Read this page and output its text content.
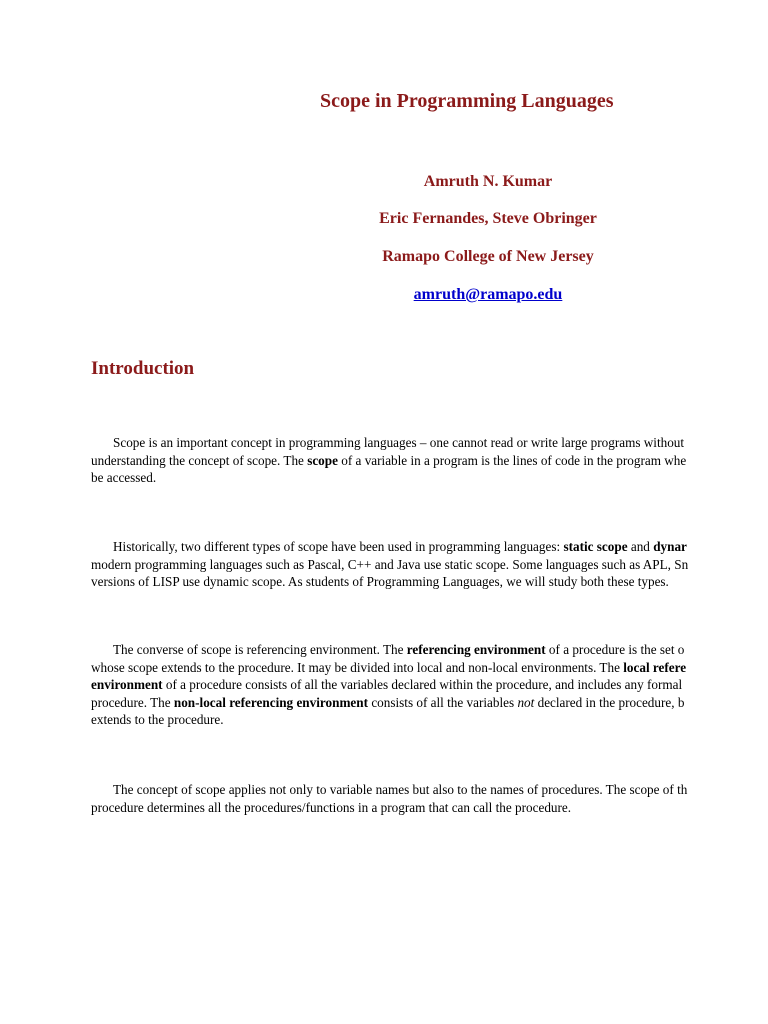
Scope in Programming Languages

Amruth N. Kumar

Eric Fernandes, Steve Obringer

Ramapo College of New Jersey

amruth@ramapo.edu

Introduction
Scope is an important concept in programming languages – one cannot read or write large programs without
understanding the concept of scope. The scope of a variable in a program is the lines of code in the program whe
be accessed.
Historically, two different types of scope have been used in programming languages: static scope and dynar
modern programming languages such as Pascal, C++ and Java use static scope. Some languages such as APL, Sn
versions of LISP use dynamic scope. As students of Programming Languages, we will study both these types.
The converse of scope is referencing environment. The referencing environment of a procedure is the set o
whose scope extends to the procedure. It may be divided into local and non-local environments. The local refere
environment of a procedure consists of all the variables declared within the procedure, and includes any formal
procedure. The non-local referencing environment consists of all the variables not declared in the procedure, b
extends to the procedure.
The concept of scope applies not only to variable names but also to the names of procedures. The scope of th
procedure determines all the procedures/functions in a program that can call the procedure.
